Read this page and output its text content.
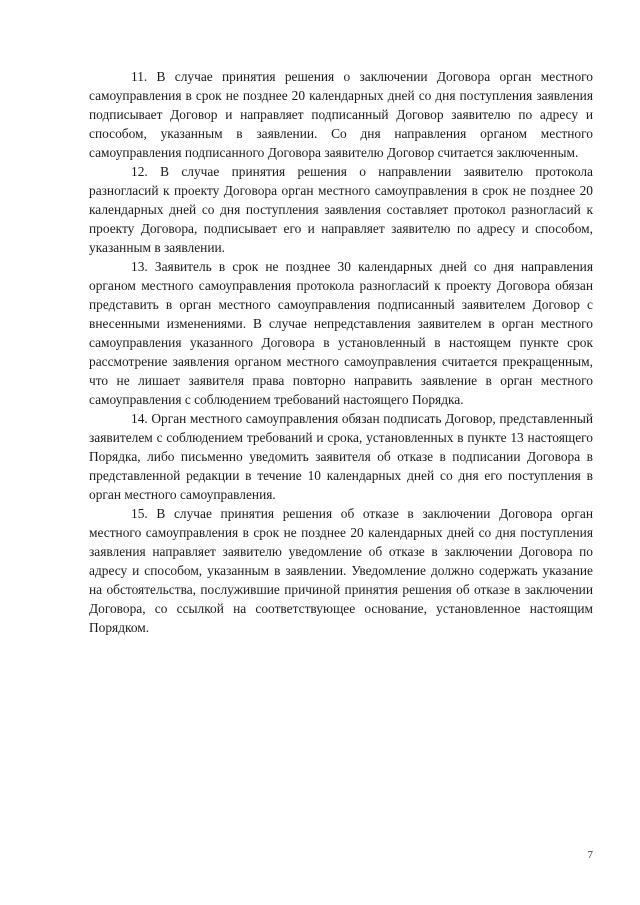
11. В случае принятия решения о заключении Договора орган местного самоуправления в срок не позднее 20 календарных дней со дня поступления заявления подписывает Договор и направляет подписанный Договор заявителю по адресу и способом, указанным в заявлении. Со дня направления органом местного самоуправления подписанного Договора заявителю Договор считается заключенным.

12. В случае принятия решения о направлении заявителю протокола разногласий к проекту Договора орган местного самоуправления в срок не позднее 20 календарных дней со дня поступления заявления составляет протокол разногласий к проекту Договора, подписывает его и направляет заявителю по адресу и способом, указанным в заявлении.

13. Заявитель в срок не позднее 30 календарных дней со дня направления органом местного самоуправления протокола разногласий к проекту Договора обязан представить в орган местного самоуправления подписанный заявителем Договор с внесенными изменениями. В случае непредставления заявителем в орган местного самоуправления указанного Договора в установленный в настоящем пункте срок рассмотрение заявления органом местного самоуправления считается прекращенным, что не лишает заявителя права повторно направить заявление в орган местного самоуправления с соблюдением требований настоящего Порядка.

14. Орган местного самоуправления обязан подписать Договор, представленный заявителем с соблюдением требований и срока, установленных в пункте 13 настоящего Порядка, либо письменно уведомить заявителя об отказе в подписании Договора в представленной редакции в течение 10 календарных дней со дня его поступления в орган местного самоуправления.

15. В случае принятия решения об отказе в заключении Договора орган местного самоуправления в срок не позднее 20 календарных дней со дня поступления заявления направляет заявителю уведомление об отказе в заключении Договора по адресу и способом, указанным в заявлении. Уведомление должно содержать указание на обстоятельства, послужившие причиной принятия решения об отказе в заключении Договора, со ссылкой на соответствующее основание, установленное настоящим Порядком.

7
